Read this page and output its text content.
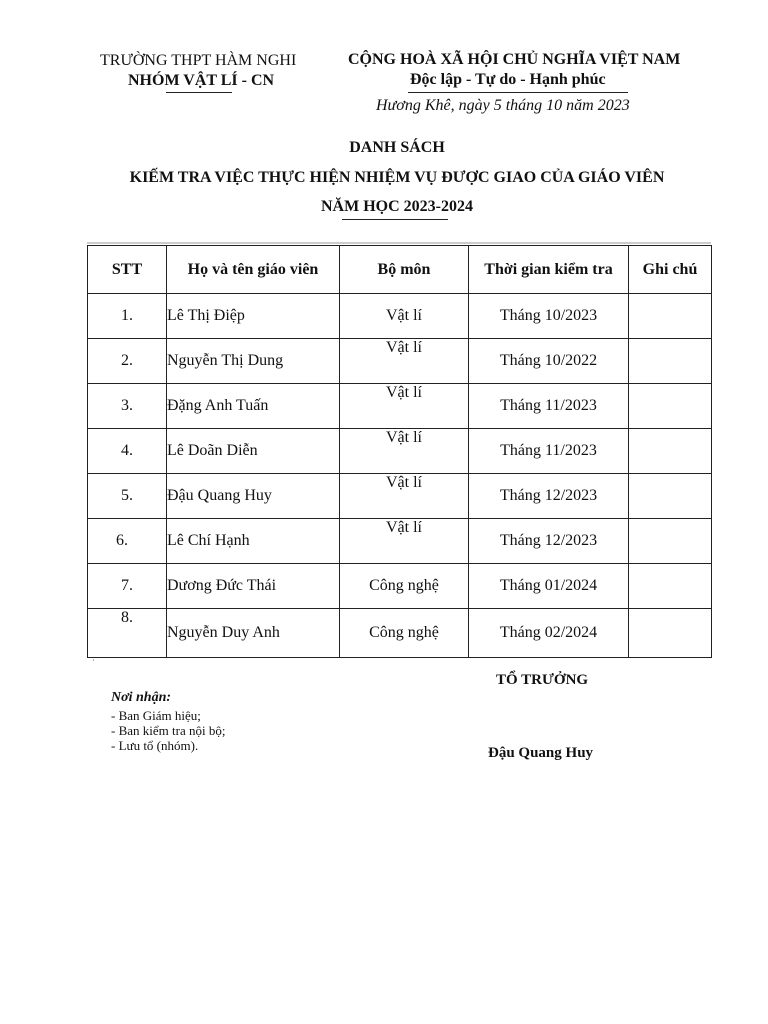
TRƯỜNG THPT HÀM NGHI
NHÓM VẬT LÍ - CN
CỘNG HOÀ XÃ HỘI CHỦ NGHĨA VIỆT NAM
Độc lập - Tự do - Hạnh phúc
Hương Khê, ngày 5 tháng 10 năm 2023
DANH SÁCH
KIẾM TRA VIỆC THỰC HIỆN NHIỆM VỤ ĐƯỢC GIAO CỦA GIÁO VIÊN
NĂM HỌC 2023-2024
STT	Họ và tên giáo viên	Bộ môn	Thời gian kiểm tra	Ghi chú
1.	Lê Thị Điệp	Vật lí	Tháng 10/2023	
2.	Nguyễn Thị Dung	Vật lí	Tháng 10/2022	
3.	Đặng Anh Tuấn	Vật lí	Tháng 11/2023	
4.	Lê Doãn Diễn	Vật lí	Tháng 11/2023	
5.	Đậu Quang Huy	Vật lí	Tháng 12/2023	
6.	Lê Chí Hạnh	Vật lí	Tháng 12/2023	
7.	Dương Đức Thái	Công nghệ	Tháng 01/2024	
8.	Nguyễn Duy Anh	Công nghệ	Tháng 02/2024	
·
TỔ TRƯỞNG
Đậu Quang Huy
Nơi nhận:
- Ban Giám hiệu;
- Ban kiểm tra nội bộ;
- Lưu tổ (nhóm).
